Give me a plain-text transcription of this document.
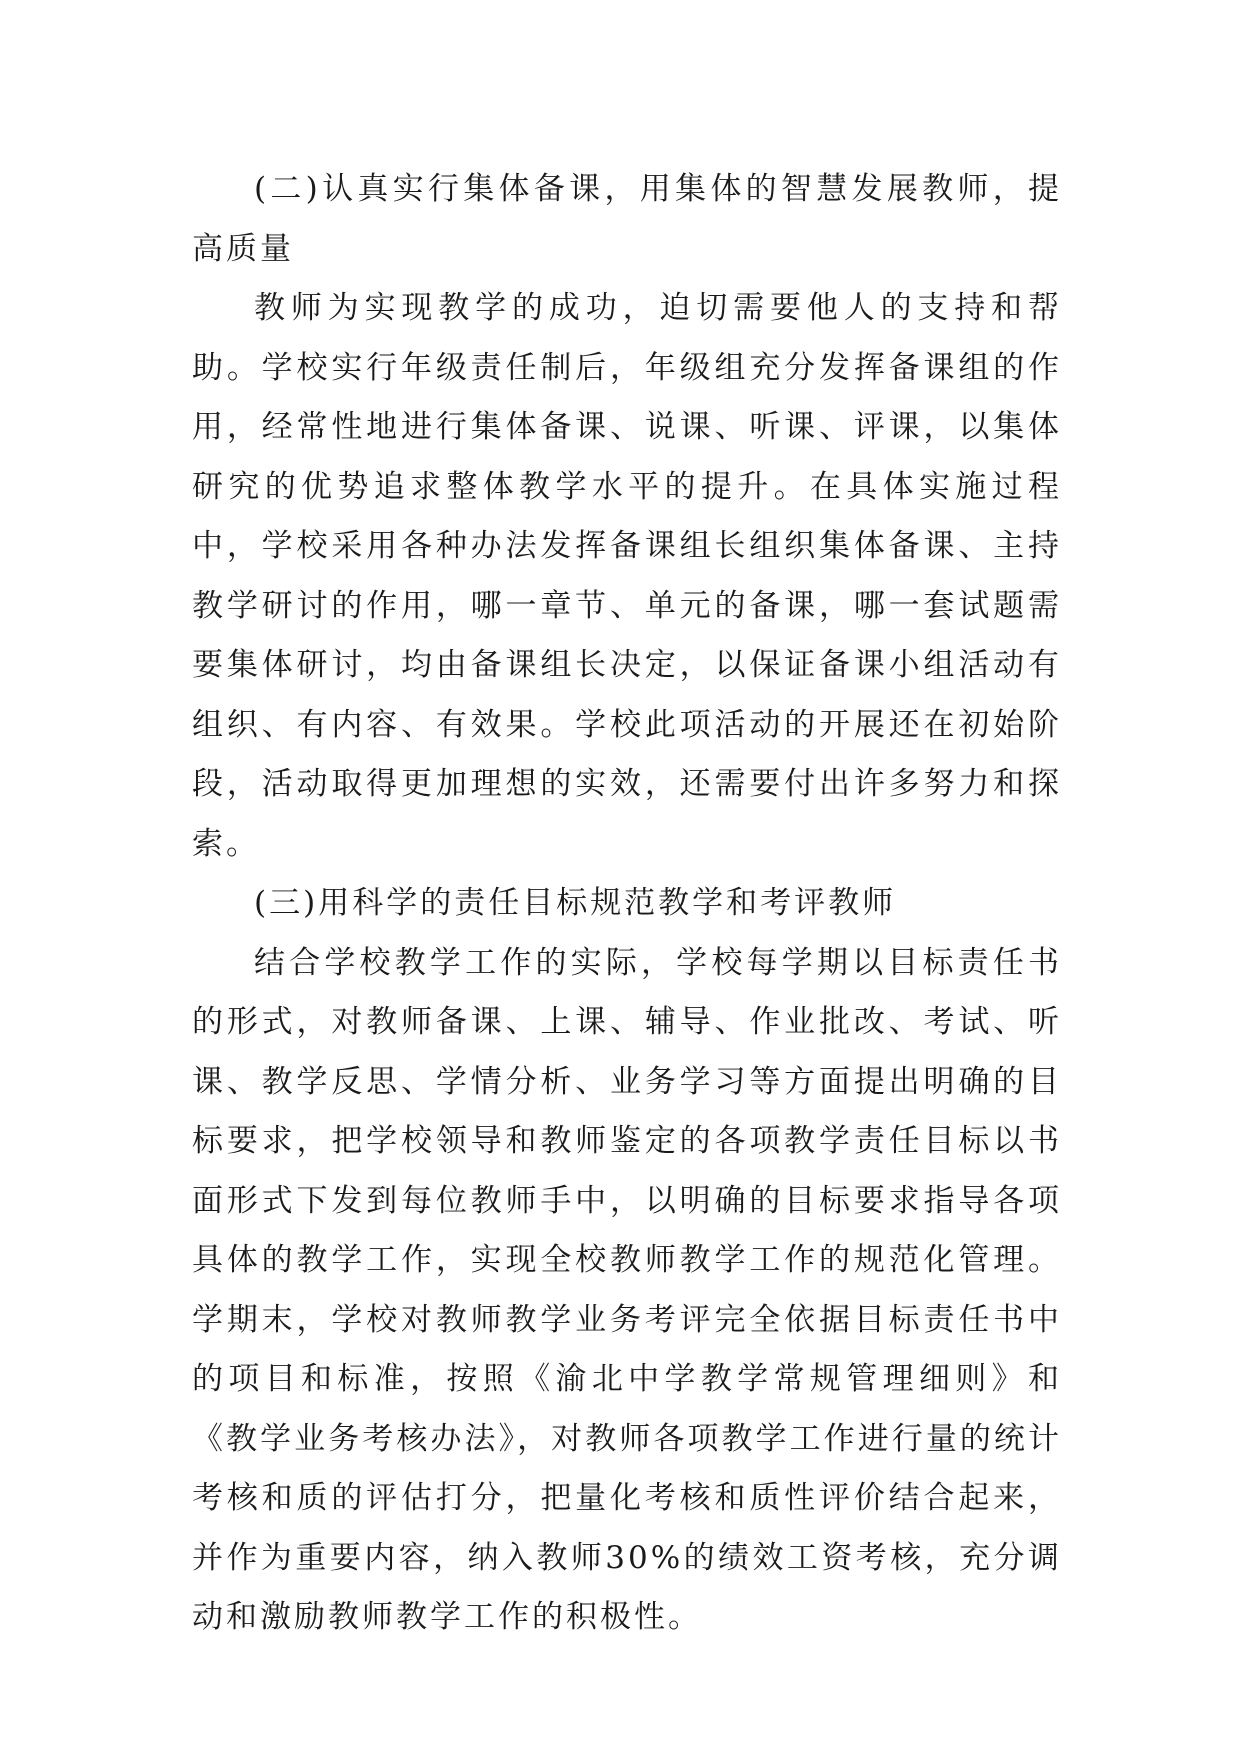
(二)认真实行集体备课，用集体的智慧发展教师，提高质量

教师为实现教学的成功，迫切需要他人的支持和帮助。学校实行年级责任制后，年级组充分发挥备课组的作用，经常性地进行集体备课、说课、听课、评课，以集体研究的优势追求整体教学水平的提升。在具体实施过程中，学校采用各种办法发挥备课组长组织集体备课、主持教学研讨的作用，哪一章节、单元的备课，哪一套试题需要集体研讨，均由备课组长决定，以保证备课小组活动有组织、有内容、有效果。学校此项活动的开展还在初始阶段，活动取得更加理想的实效，还需要付出许多努力和探索。

(三)用科学的责任目标规范教学和考评教师

结合学校教学工作的实际，学校每学期以目标责任书的形式，对教师备课、上课、辅导、作业批改、考试、听课、教学反思、学情分析、业务学习等方面提出明确的目标要求，把学校领导和教师鉴定的各项教学责任目标以书面形式下发到每位教师手中，以明确的目标要求指导各项具体的教学工作，实现全校教师教学工作的规范化管理。学期末，学校对教师教学业务考评完全依据目标责任书中的项目和标准，按照《渝北中学教学常规管理细则》和《教学业务考核办法》，对教师各项教学工作进行量的统计考核和质的评估打分，把量化考核和质性评价结合起来，并作为重要内容，纳入教师30%的绩效工资考核，充分调动和激励教师教学工作的积极性。
